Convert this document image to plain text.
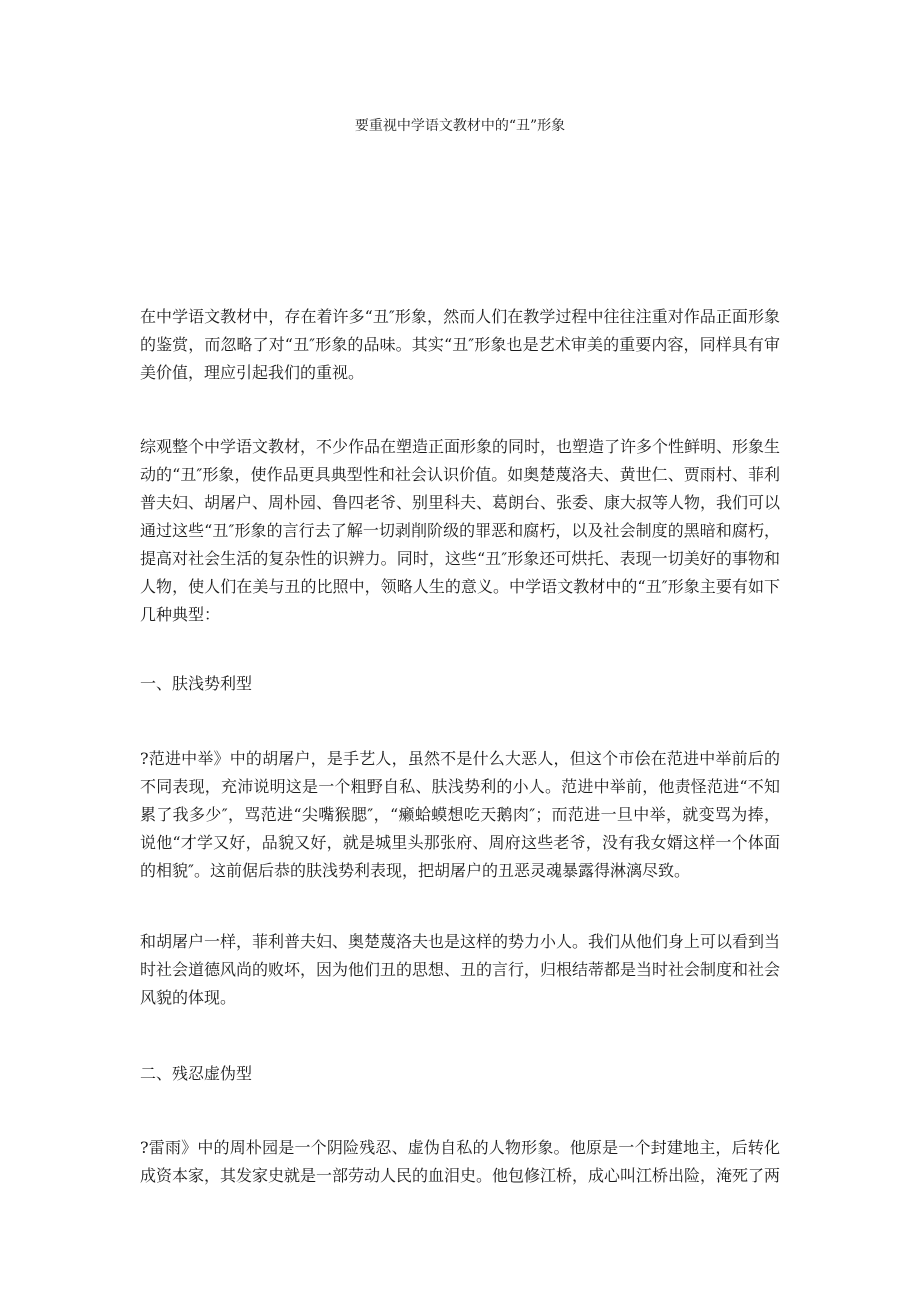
要重视中学语文教材中的“丑”形象

在中学语文教材中，存在着许多“丑″形象，然而人们在教学过程中往往注重对作品正面形象的鉴赏，而忽略了对“丑″形象的品味。其实“丑″形象也是艺术审美的重要内容，同样具有审美价值，理应引起我们的重视。

综观整个中学语文教材，不少作品在塑造正面形象的同时，也塑造了许多个性鲜明、形象生动的“丑″形象，使作品更具典型性和社会认识价值。如奥楚蔑洛夫、黄世仁、贾雨村、菲利普夫妇、胡屠户、周朴园、鲁四老爷、别里科夫、葛朗台、张委、康大叔等人物，我们可以通过这些“丑″形象的言行去了解一切剥削阶级的罪恶和腐朽，以及社会制度的黑暗和腐朽，提高对社会生活的复杂性的识辨力。同时，这些“丑″形象还可烘托、表现一切美好的事物和人物，使人们在美与丑的比照中，领略人生的意义。中学语文教材中的“丑″形象主要有如下几种典型：

一、肤浅势利型

?范进中举》中的胡屠户，是手艺人，虽然不是什么大恶人，但这个市侩在范进中举前后的不同表现，充沛说明这是一个粗野自私、肤浅势利的小人。范进中举前，他责怪范进“不知累了我多少″，骂范进“尖嘴猴腮″，“癞蛤蟆想吃天鹅肉″；而范进一旦中举，就变骂为捧，说他“才学又好，品貌又好，就是城里头那张府、周府这些老爷，没有我女婿这样一个体面的相貌″。这前倨后恭的肤浅势利表现，把胡屠户的丑恶灵魂暴露得淋漓尽致。

和胡屠户一样，菲利普夫妇、奥楚蔑洛夫也是这样的势力小人。我们从他们身上可以看到当时社会道德风尚的败坏，因为他们丑的思想、丑的言行，归根结蒂都是当时社会制度和社会风貌的体现。

二、残忍虚伪型

?雷雨》中的周朴园是一个阴险残忍、虚伪自私的人物形象。他原是一个封建地主，后转化成资本家，其发家史就是一部劳动人民的血泪史。他包修江桥，成心叫江桥出险，淹死了两
